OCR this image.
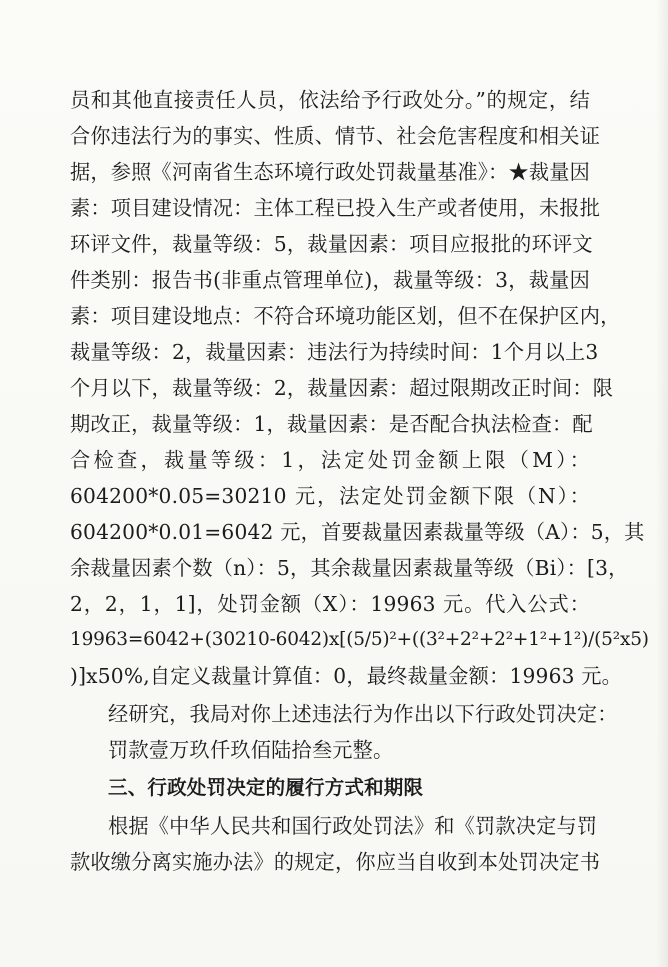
员和其他直接责任人员，依法给予行政处分。”的规定，结
合你违法行为的事实、性质、情节、社会危害程度和相关证
据，参照《河南省生态环境行政处罚裁量基准》：★裁量因
素：项目建设情况：主体工程已投入生产或者使用，未报批
环评文件，裁量等级：5，裁量因素：项目应报批的环评文
件类别：报告书(非重点管理单位)，裁量等级：3，裁量因
素：项目建设地点：不符合环境功能区划，但不在保护区内，
裁量等级：2，裁量因素：违法行为持续时间：1个月以上3
个月以下，裁量等级：2，裁量因素：超过限期改正时间：限
期改正，裁量等级：1，裁量因素：是否配合执法检查：配
合检查，裁量等级：1，法定处罚金额上限（M）：
604200*0.05=30210 元，法定处罚金额下限（N）：
604200*0.01=6042 元，首要裁量因素裁量等级（A）：5，其
余裁量因素个数（n）：5，其余裁量因素裁量等级（Bi）：[3，
2，2，1，1]，处罚金额（X）：19963 元。代入公式：
19963=6042+(30210-6042)x[(5/5)²+((3²+2²+2²+1²+1²)/(5²x5)
)]x50%,自定义裁量计算值：0，最终裁量金额：19963 元。
经研究，我局对你上述违法行为作出以下行政处罚决定：
罚款壹万玖仟玖佰陆拾叁元整。
三、行政处罚决定的履行方式和期限
根据《中华人民共和国行政处罚法》和《罚款决定与罚
款收缴分离实施办法》的规定，你应当自收到本处罚决定书
